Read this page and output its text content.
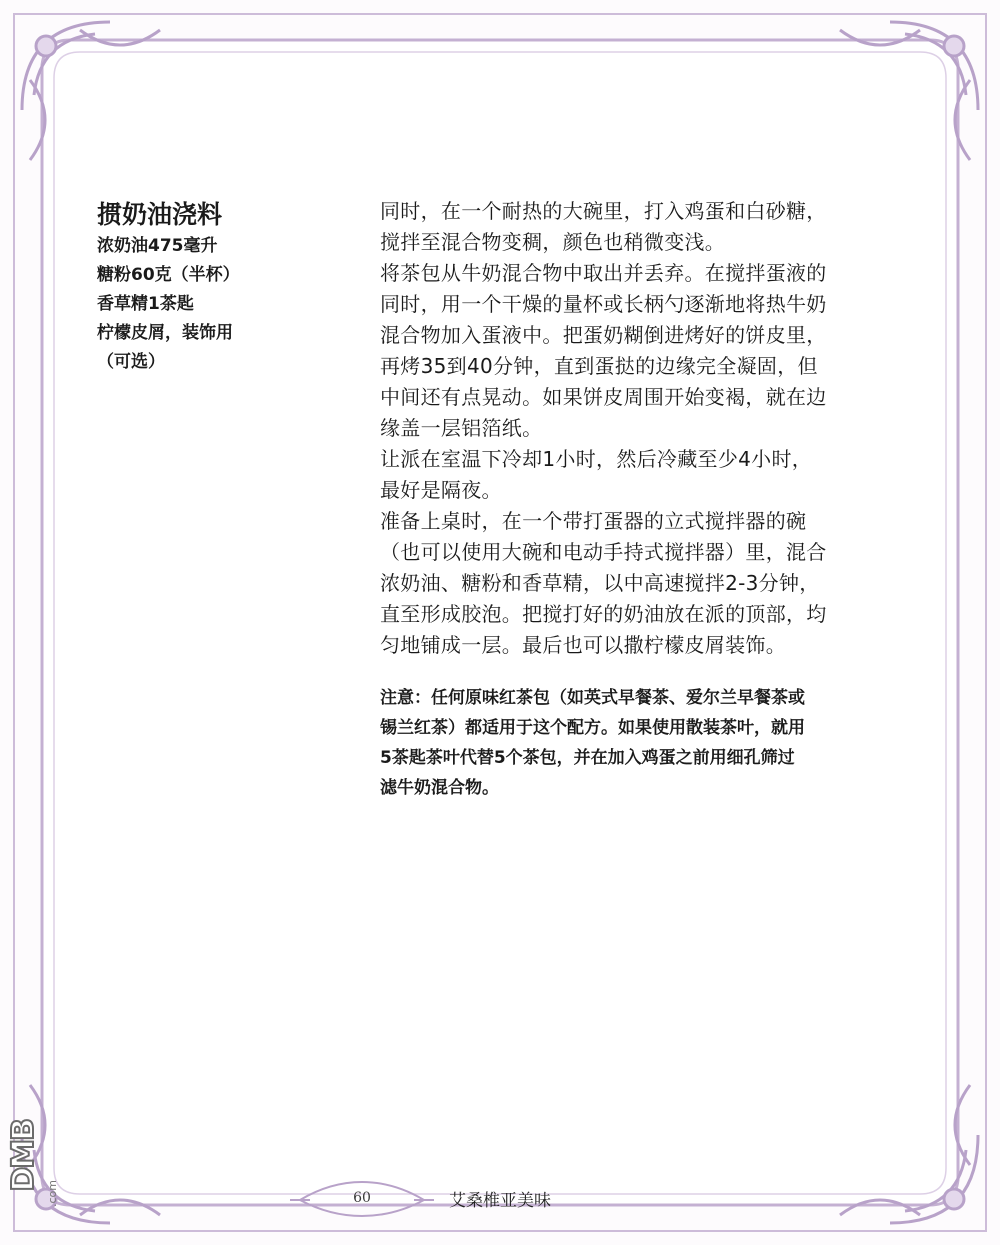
掼奶油浇料

浓奶油475毫升

糖粉60克（半杯）

香草精1茶匙

柠檬皮屑，装饰用

（可选）

同时，在一个耐热的大碗里，打入鸡蛋和白砂糖，

搅拌至混合物变稠，颜色也稍微变浅。

将茶包从牛奶混合物中取出并丢弃。在搅拌蛋液的

同时，用一个干燥的量杯或长柄勺逐渐地将热牛奶

混合物加入蛋液中。把蛋奶糊倒进烤好的饼皮里，

再烤35到40分钟，直到蛋挞的边缘完全凝固，但

中间还有点晃动。如果饼皮周围开始变褐，就在边

缘盖一层铝箔纸。

让派在室温下冷却1小时，然后冷藏至少4小时，

最好是隔夜。

准备上桌时，在一个带打蛋器的立式搅拌器的碗

（也可以使用大碗和电动手持式搅拌器）里，混合

浓奶油、糖粉和香草精，以中高速搅拌2-3分钟，

直至形成胶泡。把搅打好的奶油放在派的顶部，均

匀地铺成一层。最后也可以撒柠檬皮屑装饰。

注意：任何原味红茶包（如英式早餐茶、爱尔兰早餐茶或

锡兰红茶）都适用于这个配方。如果使用散装茶叶，就用

5茶匙茶叶代替5个茶包，并在加入鸡蛋之前用细孔筛过

滤牛奶混合物。

60	艾桑椎亚美味
DMB
.com
